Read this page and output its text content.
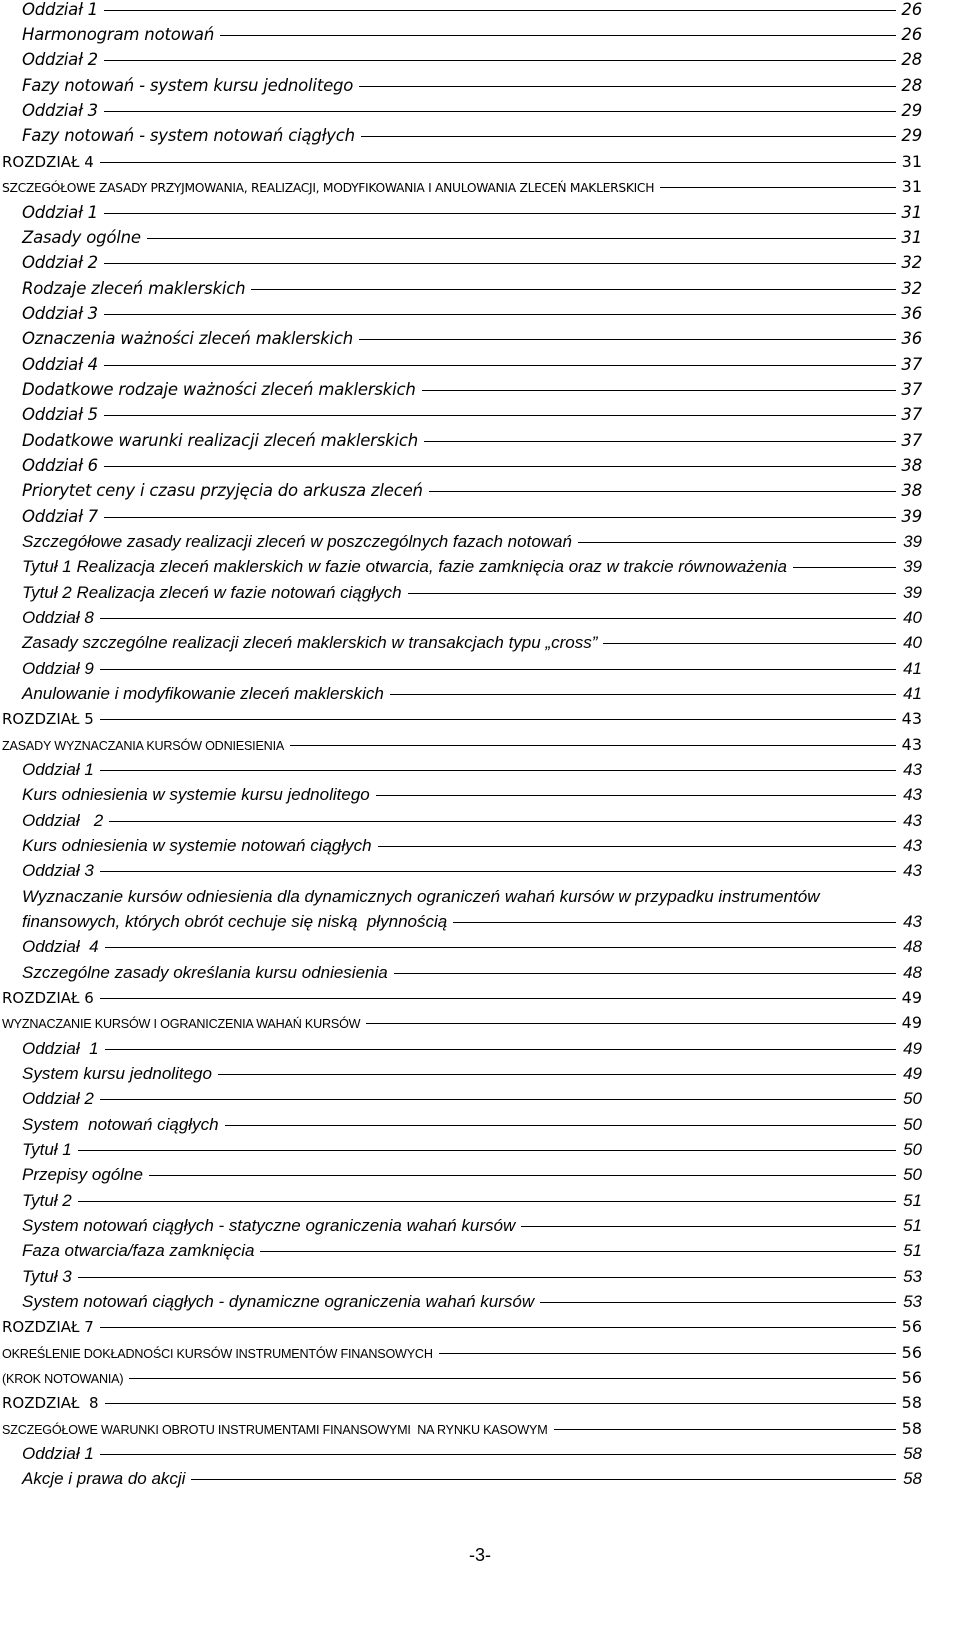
Oddział 1	26
Harmonogram notowań	26
Oddział 2	28
Fazy notowań - system kursu jednolitego	28
Oddział 3	29
Fazy notowań - system notowań ciągłych	29
ROZDZIAŁ 4	31
SZCZEGÓŁOWE ZASADY PRZYJMOWANIA, REALIZACJI, MODYFIKOWANIA I ANULOWANIA ZLECEŃ MAKLERSKICH	31
Oddział 1	31
Zasady ogólne	31
Oddział 2	32
Rodzaje zleceń maklerskich	32
Oddział 3	36
Oznaczenia ważności zleceń maklerskich	36
Oddział 4	37
Dodatkowe rodzaje ważności zleceń maklerskich	37
Oddział 5	37
Dodatkowe warunki realizacji zleceń maklerskich	37
Oddział 6	38
Priorytet ceny i czasu przyjęcia do arkusza zleceń	38
Oddział 7	39
Szczegółowe zasady realizacji zleceń w poszczególnych fazach notowań	39
Tytuł 1 Realizacja zleceń maklerskich w fazie otwarcia, fazie zamknięcia oraz w trakcie równoważenia	39
Tytuł 2 Realizacja zleceń w fazie notowań ciągłych	39
Oddział 8	40
Zasady szczególne realizacji zleceń maklerskich w transakcjach typu „cross”	40
Oddział 9	41
Anulowanie i modyfikowanie zleceń maklerskich	41
ROZDZIAŁ 5	43
ZASADY WYZNACZANIA KURSÓW ODNIESIENIA	43
Oddział 1	43
Kurs odniesienia w systemie kursu jednolitego	43
Oddział   2	43
Kurs odniesienia w systemie notowań ciągłych	43
Oddział 3	43
Wyznaczanie kursów odniesienia dla dynamicznych ograniczeń wahań kursów w przypadku instrumentów
finansowych, których obrót cechuje się niską  płynnością	43
Oddział  4	48
Szczególne zasady określania kursu odniesienia	48
ROZDZIAŁ 6	49
WYZNACZANIE KURSÓW I OGRANICZENIA WAHAŃ KURSÓW	49
Oddział  1	49
System kursu jednolitego	49
Oddział 2	50
System  notowań ciągłych	50
Tytuł 1	50
Przepisy ogólne	50
Tytuł 2	51
System notowań ciągłych - statyczne ograniczenia wahań kursów	51
Faza otwarcia/faza zamknięcia	51
Tytuł 3	53
System notowań ciągłych - dynamiczne ograniczenia wahań kursów	53
ROZDZIAŁ 7	56
OKREŚLENIE DOKŁADNOŚCI KURSÓW INSTRUMENTÓW FINANSOWYCH	56
(KROK NOTOWANIA)	56
ROZDZIAŁ  8	58
SZCZEGÓŁOWE WARUNKI OBROTU INSTRUMENTAMI FINANSOWYMI  NA RYNKU KASOWYM	58
Oddział 1	58
Akcje i prawa do akcji	58
-3-
